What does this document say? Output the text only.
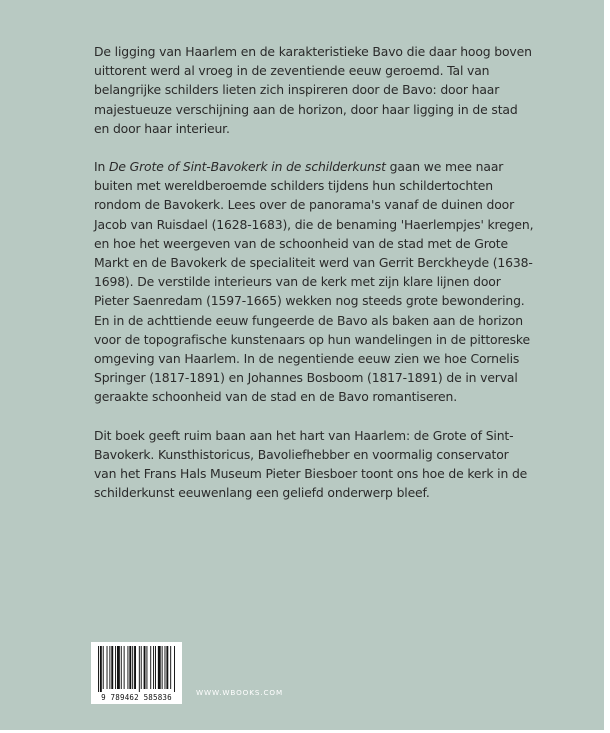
De ligging van Haarlem en de karakteristieke Bavo die daar hoog boven uittorent werd al vroeg in de zeventiende eeuw geroemd. Tal van belangrijke schilders lieten zich inspireren door de Bavo: door haar majestueuze verschijning aan de horizon, door haar ligging in de stad en door haar interieur.

In De Grote of Sint-Bavokerk in de schilderkunst gaan we mee naar buiten met wereldberoemde schilders tijdens hun schildertochten rondom de Bavokerk. Lees over de panorama's vanaf de duinen door Jacob van Ruisdael (1628-1683), die de benaming 'Haerlempjes' kregen, en hoe het weergeven van de schoonheid van de stad met de Grote Markt en de Bavokerk de specialiteit werd van Gerrit Berckheyde (1638-1698). De verstilde interieurs van de kerk met zijn klare lijnen door Pieter Saenredam (1597-1665) wekken nog steeds grote bewondering. En in de achttiende eeuw fungeerde de Bavo als baken aan de horizon voor de topografische kunstenaars op hun wandelingen in de pittoreske omgeving van Haarlem. In de negentiende eeuw zien we hoe Cornelis Springer (1817-1891) en Johannes Bosboom (1817-1891) de in verval geraakte schoonheid van de stad en de Bavo romantiseren.

Dit boek geeft ruim baan aan het hart van Haarlem: de Grote of Sint-Bavokerk. Kunsthistoricus, Bavoliefhebber en voormalig conservator van het Frans Hals Museum Pieter Biesboer toont ons hoe de kerk in de schilderkunst eeuwenlang een geliefd onderwerp bleef.

9 789462 585836
WWW.WBOOKS.COM
